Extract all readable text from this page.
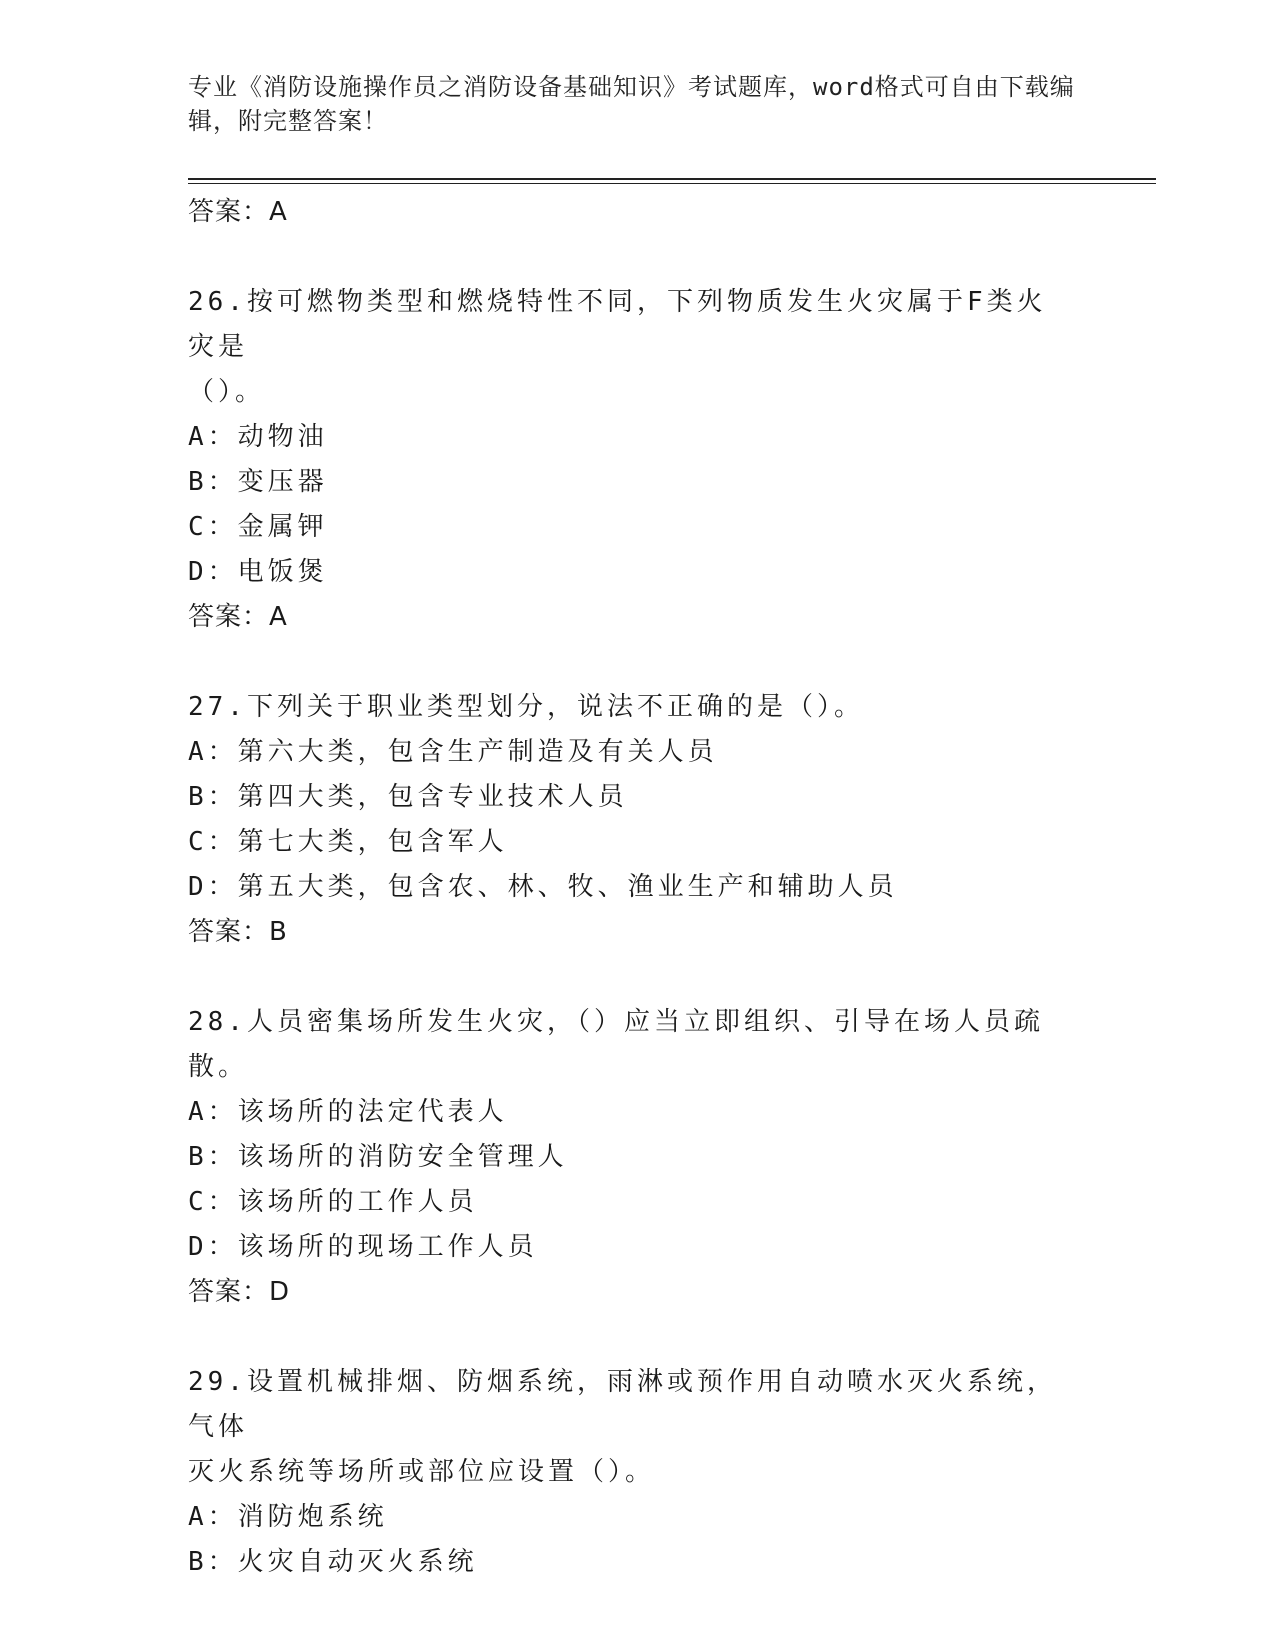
专业《消防设施操作员之消防设备基础知识》考试题库，word格式可自由下载编
辑，附完整答案！
答案：A
26.按可燃物类型和燃烧特性不同，下列物质发生火灾属于F类火灾是
（）。
A：动物油
B：变压器
C：金属钾
D：电饭煲
答案：A
27.下列关于职业类型划分，说法不正确的是（）。
A：第六大类，包含生产制造及有关人员
B：第四大类，包含专业技术人员
C：第七大类，包含军人
D：第五大类，包含农、林、牧、渔业生产和辅助人员
答案：B
28.人员密集场所发生火灾，（）应当立即组织、引导在场人员疏散。
A：该场所的法定代表人
B：该场所的消防安全管理人
C：该场所的工作人员
D：该场所的现场工作人员
答案：D
29.设置机械排烟、防烟系统，雨淋或预作用自动喷水灭火系统，气体
灭火系统等场所或部位应设置（）。
A：消防炮系统
B：火灾自动灭火系统
